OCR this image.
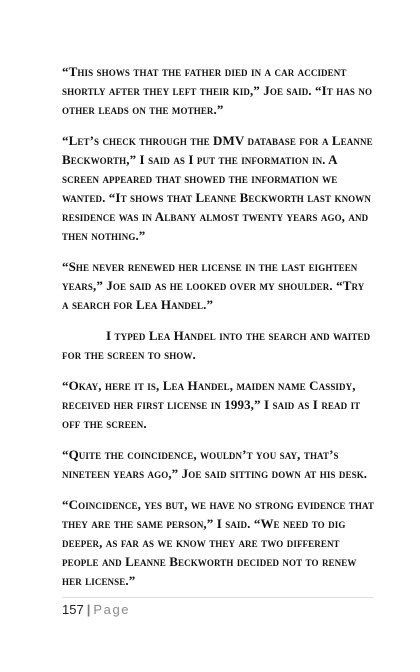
“This shows that the father died in a car accident shortly after they left their kid,” Joe said. “It has no other leads on the mother.”

“Let’s check through the DMV database for a Leanne Beckworth,” I said as I put the information in. A screen appeared that showed the information we wanted. “It shows that Leanne Beckworth last known residence was in Albany almost twenty years ago, and then nothing.”

“She never renewed her license in the last eighteen years,” Joe said as he looked over my shoulder. “Try a search for Lea Handel.”

I typed Lea Handel into the search and waited for the screen to show.

“Okay, here it is, Lea Handel, maiden name Cassidy, received her first license in 1993,” I said as I read it off the screen.

“Quite the coincidence, wouldn’t you say, that’s nineteen years ago,” Joe said sitting down at his desk.

“Coincidence, yes but, we have no strong evidence that they are the same person,” I said. “We need to dig deeper, as far as we know they are two different people and Leanne Beckworth decided not to renew her license.”

157 | Page
